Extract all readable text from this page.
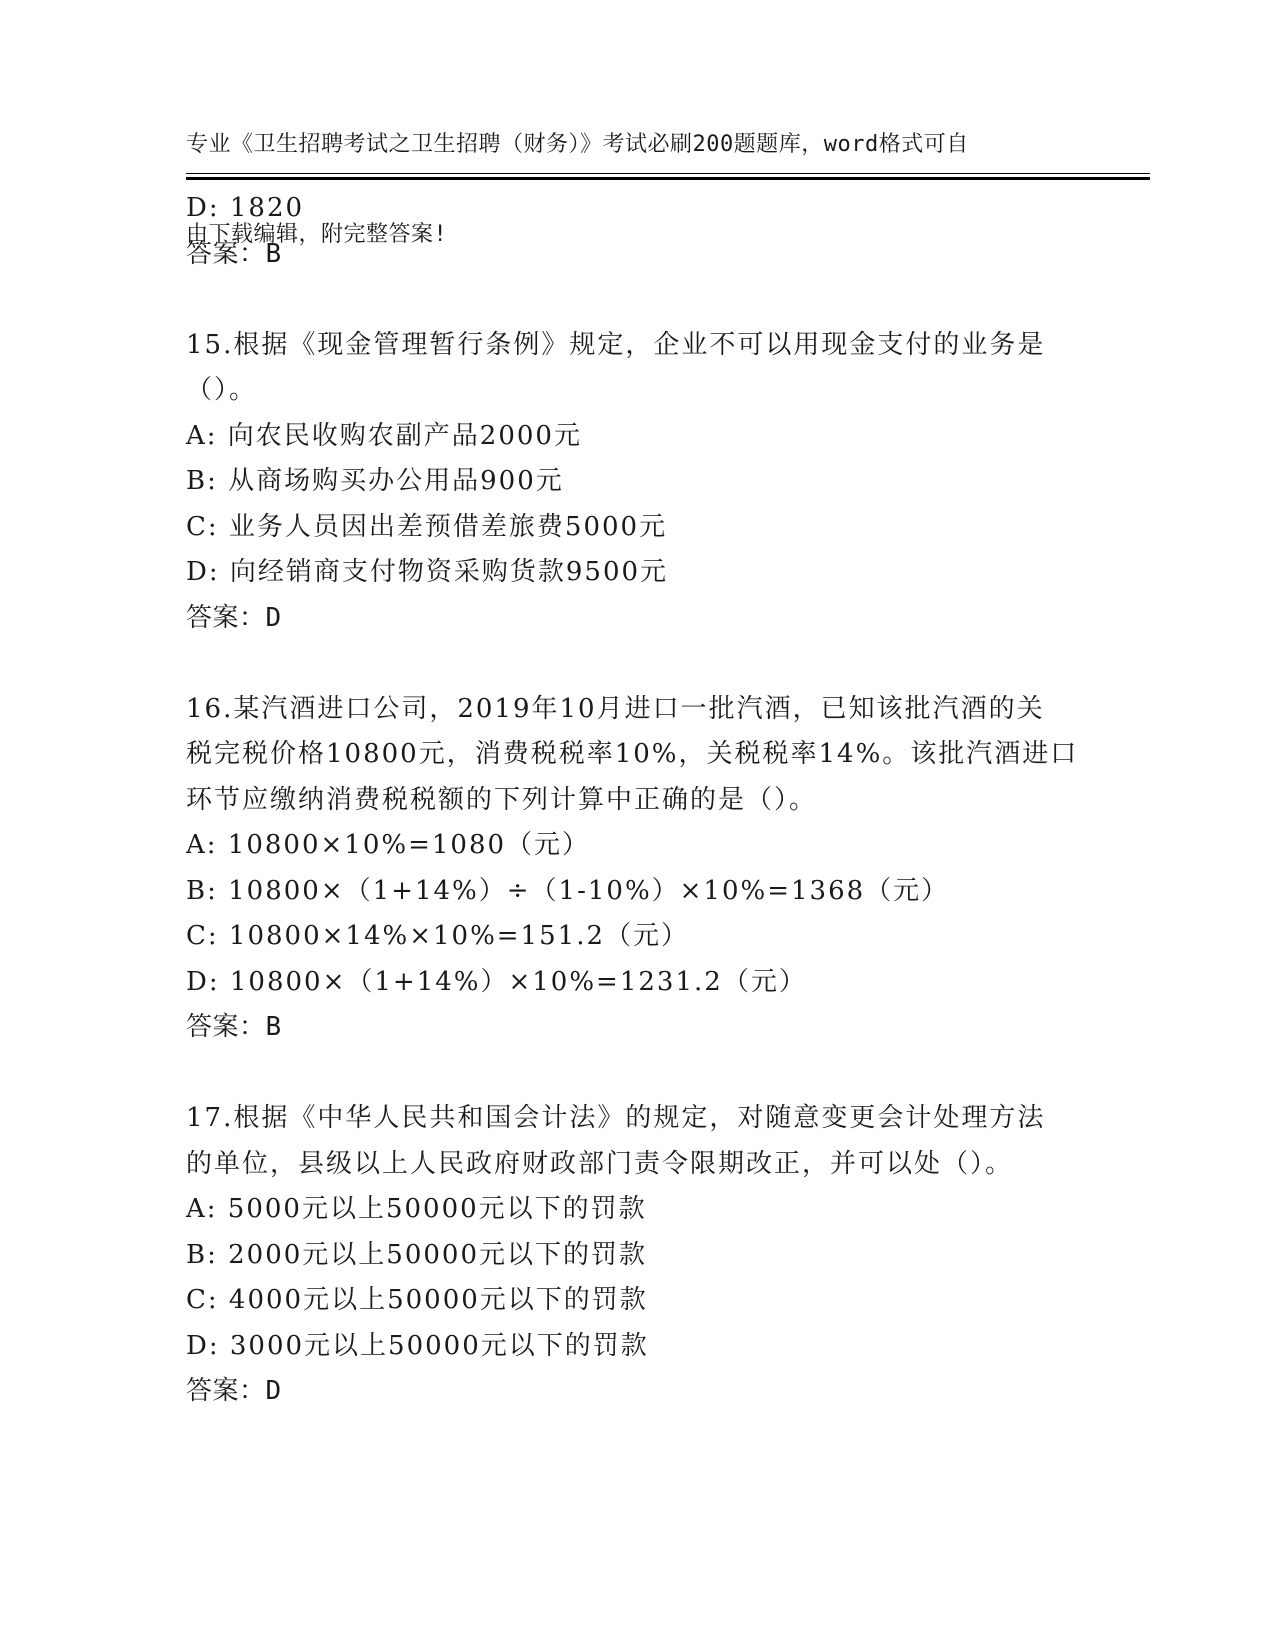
专业《卫生招聘考试之卫生招聘（财务）》考试必刷200题题库，word格式可自

由下载编辑，附完整答案!

D: 1820
答案：B
15.根据《现金管理暂行条例》规定，企业不可以用现金支付的业务是
（）。
A: 向农民收购农副产品2000元
B: 从商场购买办公用品900元
C: 业务人员因出差预借差旅费5000元
D: 向经销商支付物资采购货款9500元
答案：D
16.某汽酒进口公司，2019年10月进口一批汽酒，已知该批汽酒的关
税完税价格10800元，消费税税率10%，关税税率14%。该批汽酒进口
环节应缴纳消费税税额的下列计算中正确的是（）。
A: 10800×10%=1080（元）
B: 10800×（1+14%）÷（1-10%）×10%=1368（元）
C: 10800×14%×10%=151.2（元）
D: 10800×（1+14%）×10%=1231.2（元）
答案：B
17.根据《中华人民共和国会计法》的规定，对随意变更会计处理方法
的单位，县级以上人民政府财政部门责令限期改正，并可以处（）。
A: 5000元以上50000元以下的罚款
B: 2000元以上50000元以下的罚款
C: 4000元以上50000元以下的罚款
D: 3000元以上50000元以下的罚款
答案：D
